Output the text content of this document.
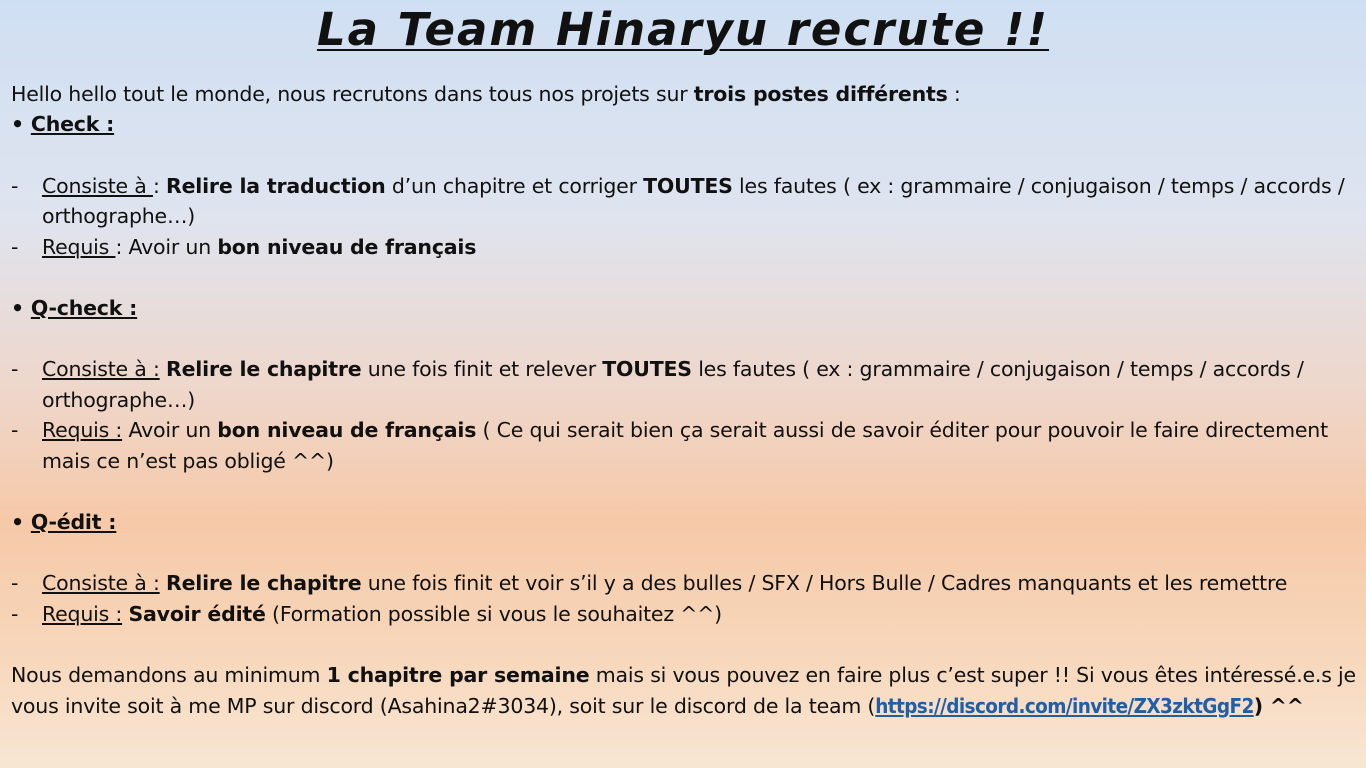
La Team Hinaryu recrute !!
Hello hello tout le monde, nous recrutons dans tous nos projets sur trois postes différents :
• Check :
- Consiste à : Relire la traduction d’un chapitre et corriger TOUTES les fautes ( ex : grammaire / conjugaison / temps / accords /
orthographe…)
- Requis : Avoir un bon niveau de français
• Q-check :
- Consiste à : Relire le chapitre une fois finit et relever TOUTES les fautes ( ex : grammaire / conjugaison / temps / accords /
orthographe…)
- Requis : Avoir un bon niveau de français ( Ce qui serait bien ça serait aussi de savoir éditer pour pouvoir le faire directement
mais ce n’est pas obligé ^^)
• Q-édit :
- Consiste à : Relire le chapitre une fois finit et voir s’il y a des bulles / SFX / Hors Bulle / Cadres manquants et les remettre
- Requis : Savoir édité (Formation possible si vous le souhaitez ^^)
Nous demandons au minimum 1 chapitre par semaine mais si vous pouvez en faire plus c’est super !! Si vous êtes intéressé.e.s je
vous invite soit à me MP sur discord (Asahina2#3034), soit sur le discord de la team (https://discord.com/invite/ZX3zktGgF2) ^^
